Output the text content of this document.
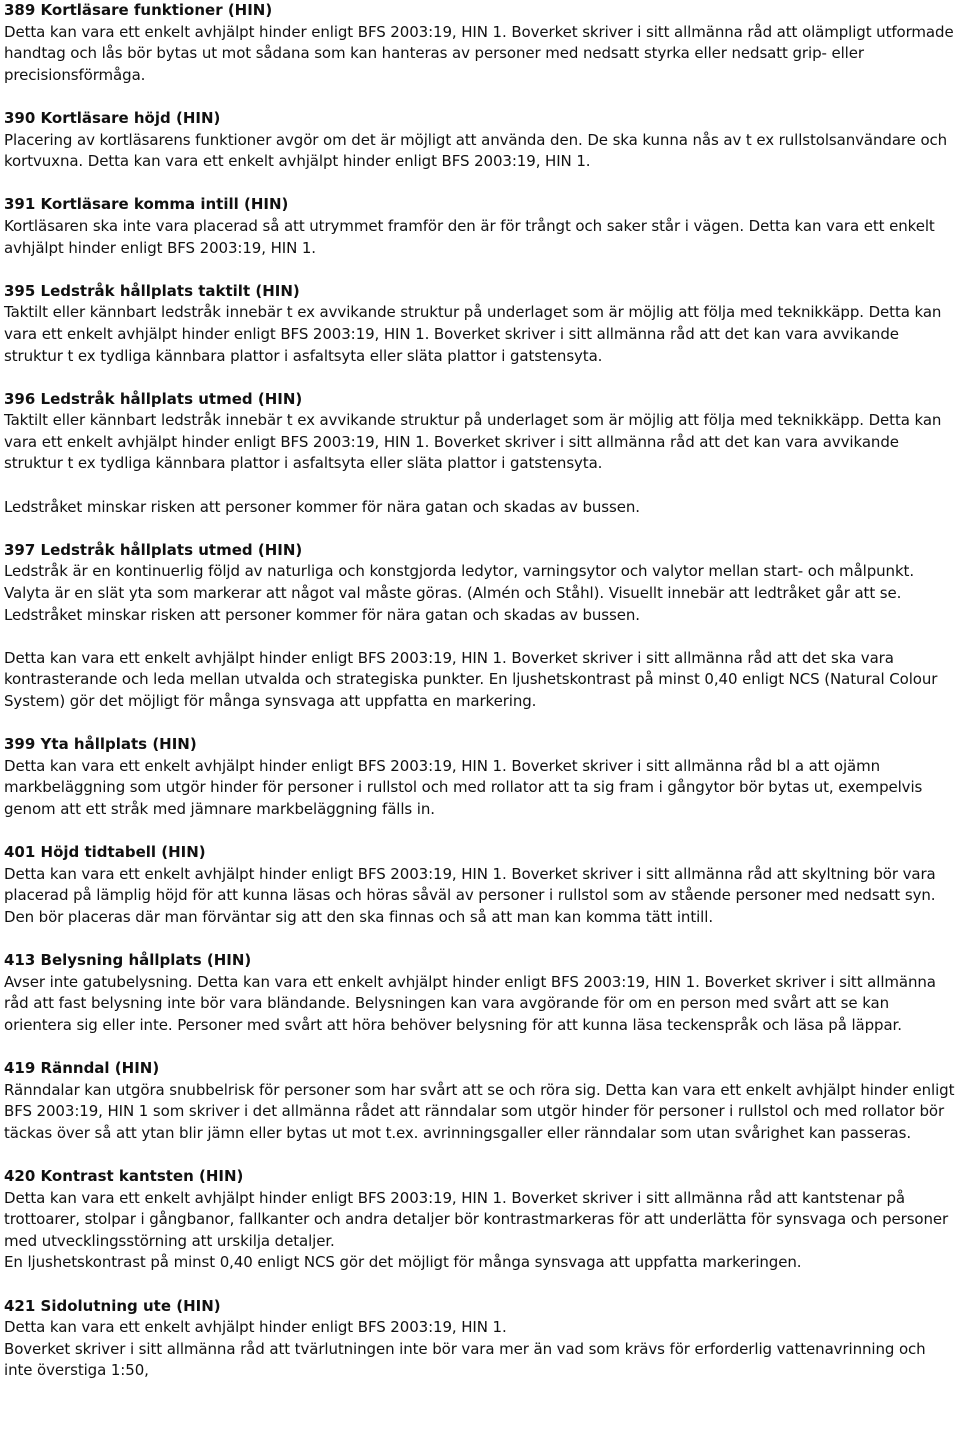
389 Kortläsare funktioner (HIN)

Detta kan vara ett enkelt avhjälpt hinder enligt BFS 2003:19, HIN 1. Boverket skriver i sitt allmänna råd att olämpligt utformade handtag och lås bör bytas ut mot sådana som kan hanteras av personer med nedsatt styrka eller nedsatt grip- eller precisionsförmåga.

390 Kortläsare höjd (HIN)

Placering av kortläsarens funktioner avgör om det är möjligt att använda den. De ska kunna nås av t ex rullstolsanvändare och kortvuxna. Detta kan vara ett enkelt avhjälpt hinder enligt BFS 2003:19, HIN 1.

391 Kortläsare komma intill (HIN)

Kortläsaren ska inte vara placerad så att utrymmet framför den är för trångt och saker står i vägen. Detta kan vara ett enkelt avhjälpt hinder enligt BFS 2003:19, HIN 1.

395 Ledstråk hållplats taktilt (HIN)

Taktilt eller kännbart ledstråk innebär t ex avvikande struktur på underlaget som är möjlig att följa med teknikkäpp. Detta kan vara ett enkelt avhjälpt hinder enligt BFS 2003:19, HIN 1. Boverket skriver i sitt allmänna råd att det kan vara avvikande struktur t ex tydliga kännbara plattor i asfaltsyta eller släta plattor i gatstensyta.

396 Ledstråk hållplats utmed (HIN)

Taktilt eller kännbart ledstråk innebär t ex avvikande struktur på underlaget som är möjlig att följa med teknikkäpp. Detta kan vara ett enkelt avhjälpt hinder enligt BFS 2003:19, HIN 1. Boverket skriver i sitt allmänna råd att det kan vara avvikande struktur t ex tydliga kännbara plattor i asfaltsyta eller släta plattor i gatstensyta.

Ledstråket minskar risken att personer kommer för nära gatan och skadas av bussen.

397 Ledstråk hållplats utmed (HIN)

Ledstråk är en kontinuerlig följd av naturliga och konstgjorda ledytor, varningsytor och valytor mellan start- och målpunkt. Valyta är en slät yta som markerar att något val måste göras. (Almén och Ståhl). Visuellt innebär att ledtråket går att se.

Ledstråket minskar risken att personer kommer för nära gatan och skadas av bussen.

Detta kan vara ett enkelt avhjälpt hinder enligt BFS 2003:19, HIN 1. Boverket skriver i sitt allmänna råd att det ska vara kontrasterande och leda mellan utvalda och strategiska punkter. En ljushetskontrast på minst 0,40 enligt NCS (Natural Colour System) gör det möjligt för många synsvaga att uppfatta en markering.

399 Yta hållplats (HIN)

Detta kan vara ett enkelt avhjälpt hinder enligt BFS 2003:19, HIN 1. Boverket skriver i sitt allmänna råd bl a att ojämn markbeläggning som utgör hinder för personer i rullstol och med rollator att ta sig fram i gångytor bör bytas ut, exempelvis genom att ett stråk med jämnare markbeläggning fälls in.

401 Höjd tidtabell (HIN)

Detta kan vara ett enkelt avhjälpt hinder enligt BFS 2003:19, HIN 1. Boverket skriver i sitt allmänna råd att skyltning bör vara placerad på lämplig höjd för att kunna läsas och höras såväl av personer i rullstol som av stående personer med nedsatt syn. Den bör placeras där man förväntar sig att den ska finnas och så att man kan komma tätt intill.

413 Belysning hållplats (HIN)

Avser inte gatubelysning. Detta kan vara ett enkelt avhjälpt hinder enligt BFS 2003:19, HIN 1. Boverket skriver i sitt allmänna råd att fast belysning inte bör vara bländande. Belysningen kan vara avgörande för om en person med svårt att se kan orientera sig eller inte. Personer med svårt att höra behöver belysning för att kunna läsa teckenspråk och läsa på läppar.

419 Ränndal (HIN)

Ränndalar kan utgöra snubbelrisk för personer som har svårt att se och röra sig. Detta kan vara ett enkelt avhjälpt hinder enligt BFS 2003:19, HIN 1 som skriver i det allmänna rådet att ränndalar som utgör hinder för personer i rullstol och med rollator bör täckas över så att ytan blir jämn eller bytas ut mot t.ex. avrinningsgaller eller ränndalar som utan svårighet kan passeras.

420 Kontrast kantsten (HIN)

Detta kan vara ett enkelt avhjälpt hinder enligt BFS 2003:19, HIN 1. Boverket skriver i sitt allmänna råd att kantstenar på trottoarer, stolpar i gångbanor, fallkanter och andra detaljer bör kontrastmarkeras för att underlätta för synsvaga och personer med utvecklingsstörning att urskilja detaljer.

En ljushetskontrast på minst 0,40 enligt NCS gör det möjligt för många synsvaga att uppfatta markeringen.

421 Sidolutning ute (HIN)

Detta kan vara ett enkelt avhjälpt hinder enligt BFS 2003:19, HIN 1.

Boverket skriver i sitt allmänna råd att tvärlutningen inte bör vara mer än vad som krävs för erforderlig vattenavrinning och inte överstiga 1:50,
